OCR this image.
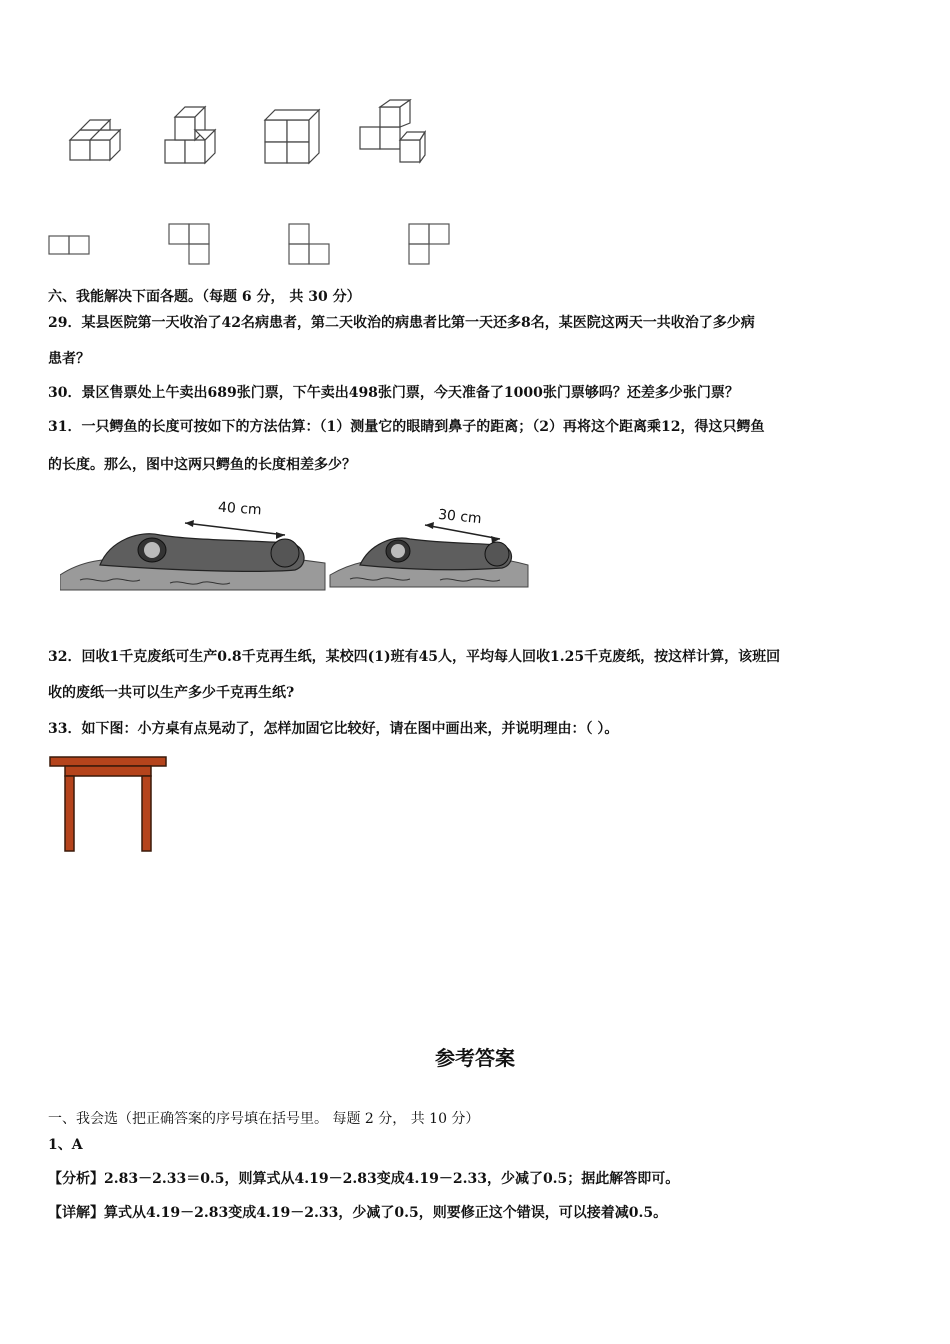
六、我能解决下面各题。（每题 6 分， 共 30 分）
29．某县医院第一天收治了42名病患者，第二天收治的病患者比第一天还多8名，某医院这两天一共收治了多少病
患者？
30．景区售票处上午卖出689张门票，下午卖出498张门票，今天准备了1000张门票够吗？还差多少张门票？
31．一只鳄鱼的长度可按如下的方法估算：（1）测量它的眼睛到鼻子的距离；（2）再将这个距离乘12，得这只鳄鱼
的长度。那么，图中这两只鳄鱼的长度相差多少？
40 cm	30 cm
32．回收1千克废纸可生产0.8千克再生纸，某校四(1)班有45人，平均每人回收1.25千克废纸，按这样计算，该班回
收的废纸一共可以生产多少千克再生纸?
33．如下图：小方桌有点晃动了，怎样加固它比较好，请在图中画出来，并说明理由：（ ）。
参考答案
一、我会选（把正确答案的序号填在括号里。 每题 2 分， 共 10 分）
1、A
【分析】2.83－2.33＝0.5，则算式从4.19－2.83变成4.19－2.33，少减了0.5；据此解答即可。
【详解】算式从4.19－2.83变成4.19－2.33，少减了0.5，则要修正这个错误，可以接着减0.5。
